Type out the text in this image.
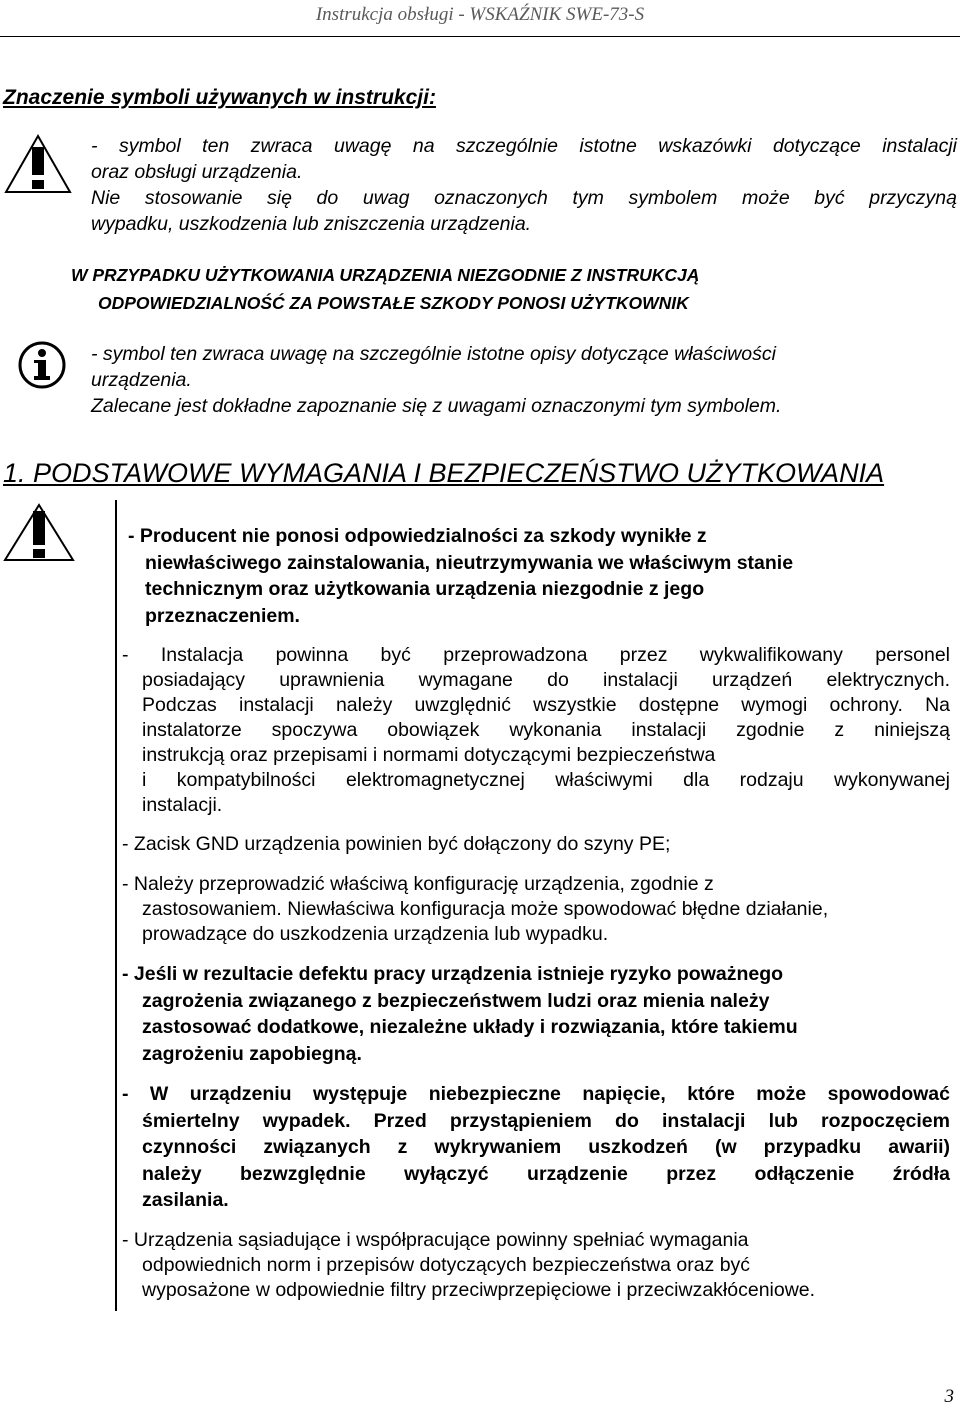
Instrukcja obsługi - WSKAŹNIK SWE-73-S
Znaczenie symboli używanych w instrukcji:
- symbol ten zwraca uwagę na szczególnie istotne wskazówki dotyczące instalacji
oraz obsługi urządzenia.
Nie stosowanie się do uwag oznaczonych tym symbolem może być przyczyną
wypadku, uszkodzenia lub zniszczenia urządzenia.
W PRZYPADKU UŻYTKOWANIA URZĄDZENIA NIEZGODNIE Z INSTRUKCJĄ
ODPOWIEDZIALNOŚĆ ZA POWSTAŁE SZKODY PONOSI UŻYTKOWNIK
- symbol ten zwraca uwagę na szczególnie istotne opisy dotyczące właściwości
urządzenia.
Zalecane jest dokładne zapoznanie się z uwagami oznaczonymi tym symbolem.
1. PODSTAWOWE WYMAGANIA I BEZPIECZEŃSTWO UŻYTKOWANIA
- Producent nie ponosi odpowiedzialności za szkody wynikłe z
niewłaściwego zainstalowania, nieutrzymywania we właściwym stanie
technicznym oraz użytkowania urządzenia niezgodnie z jego
przeznaczeniem.
- Instalacja powinna być przeprowadzona przez wykwalifikowany personel
posiadający uprawnienia wymagane do instalacji urządzeń elektrycznych.
Podczas instalacji należy uwzględnić wszystkie dostępne wymogi ochrony. Na
instalatorze spoczywa obowiązek wykonania instalacji zgodnie z niniejszą
instrukcją oraz przepisami i normami dotyczącymi bezpieczeństwa
i kompatybilności elektromagnetycznej właściwymi dla rodzaju wykonywanej
instalacji.
- Zacisk GND urządzenia powinien być dołączony do szyny PE;
- Należy przeprowadzić właściwą konfigurację urządzenia, zgodnie z
zastosowaniem. Niewłaściwa konfiguracja może spowodować błędne działanie,
prowadzące do uszkodzenia urządzenia lub wypadku.
- Jeśli w rezultacie defektu pracy urządzenia istnieje ryzyko poważnego
zagrożenia związanego z bezpieczeństwem ludzi oraz mienia należy
zastosować dodatkowe, niezależne układy i rozwiązania, które takiemu
zagrożeniu zapobiegną.
- W urządzeniu występuje niebezpieczne napięcie, które może spowodować
śmiertelny wypadek. Przed przystąpieniem do instalacji lub rozpoczęciem
czynności związanych z wykrywaniem uszkodzeń (w przypadku awarii)
należy bezwzględnie wyłączyć urządzenie przez odłączenie źródła
zasilania.
- Urządzenia sąsiadujące i współpracujące powinny spełniać wymagania
odpowiednich norm i przepisów dotyczących bezpieczeństwa oraz być
wyposażone w odpowiednie filtry przeciwprzepięciowe i przeciwzakłóceniowe.
3
